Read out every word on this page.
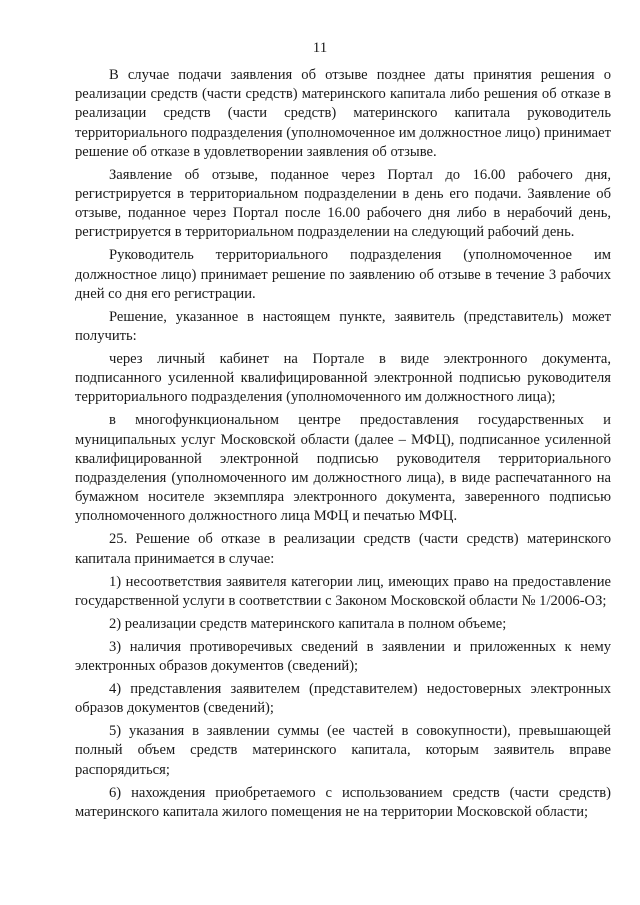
11

В случае подачи заявления об отзыве позднее даты принятия решения о реализации средств (части средств) материнского капитала либо решения об отказе в реализации средств (части средств) материнского капитала руководитель территориального подразделения (уполномоченное им должностное лицо) принимает решение об отказе в удовлетворении заявления об отзыве.

Заявление об отзыве, поданное через Портал до 16.00 рабочего дня, регистрируется в территориальном подразделении в день его подачи. Заявление об отзыве, поданное через Портал после 16.00 рабочего дня либо в нерабочий день, регистрируется в территориальном подразделении на следующий рабочий день.

Руководитель территориального подразделения (уполномоченное им должностное лицо) принимает решение по заявлению об отзыве в течение 3 рабочих дней со дня его регистрации.

Решение, указанное в настоящем пункте, заявитель (представитель) может получить:

через личный кабинет на Портале в виде электронного документа, подписанного усиленной квалифицированной электронной подписью руководителя территориального подразделения (уполномоченного им должностного лица);

в многофункциональном центре предоставления государственных и муниципальных услуг Московской области (далее – МФЦ), подписанное усиленной квалифицированной электронной подписью руководителя территориального подразделения (уполномоченного им должностного лица), в виде распечатанного на бумажном носителе экземпляра электронного документа, заверенного подписью уполномоченного должностного лица МФЦ и печатью МФЦ.

25. Решение об отказе в реализации средств (части средств) материнского капитала принимается в случае:

1) несоответствия заявителя категории лиц, имеющих право на предоставление государственной услуги в соответствии с Законом Московской области № 1/2006-ОЗ;

2) реализации средств материнского капитала в полном объеме;

3) наличия противоречивых сведений в заявлении и приложенных к нему электронных образов документов (сведений);

4) представления заявителем (представителем) недостоверных электронных образов документов (сведений);

5) указания в заявлении суммы (ее частей в совокупности), превышающей полный объем средств материнского капитала, которым заявитель вправе распорядиться;

6) нахождения приобретаемого с использованием средств (части средств) материнского капитала жилого помещения не на территории Московской области;
